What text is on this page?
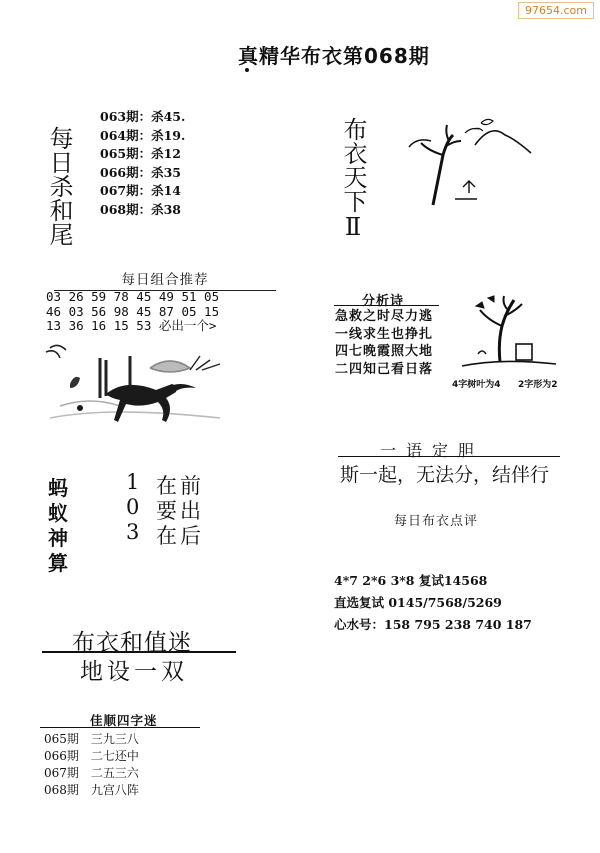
97654.com
真精华布衣第068期
每日杀和尾
063期：杀45.
064期：杀19.
065期：杀12
066期：杀35
067期：杀14
068期：杀38
每日组合推荐
03 26 59 78 45 49 51 05
46 03 56 98 45 87 05 15
13 36 16 15 53 必出一个>
蚂蚁神算
1 在前
0 要出
3 在后
布衣和值迷
地设一双
佳顺四字迷
065期　三九三八
066期　二七还中
067期　二五三六
068期　九宫八阵
布衣天下Ⅱ
分析诗
急救之时尽力逃
一线求生也挣扎
四七晚霞照大地
二四知己看日落
4字树叶为4 2字形为2
一语定胆
斯一起，无法分，结伴行
每日布衣点评
4*7 2*6 3*8 复试14568
直选复试 0145/7568/5269
心水号：158 795 238 740 187
